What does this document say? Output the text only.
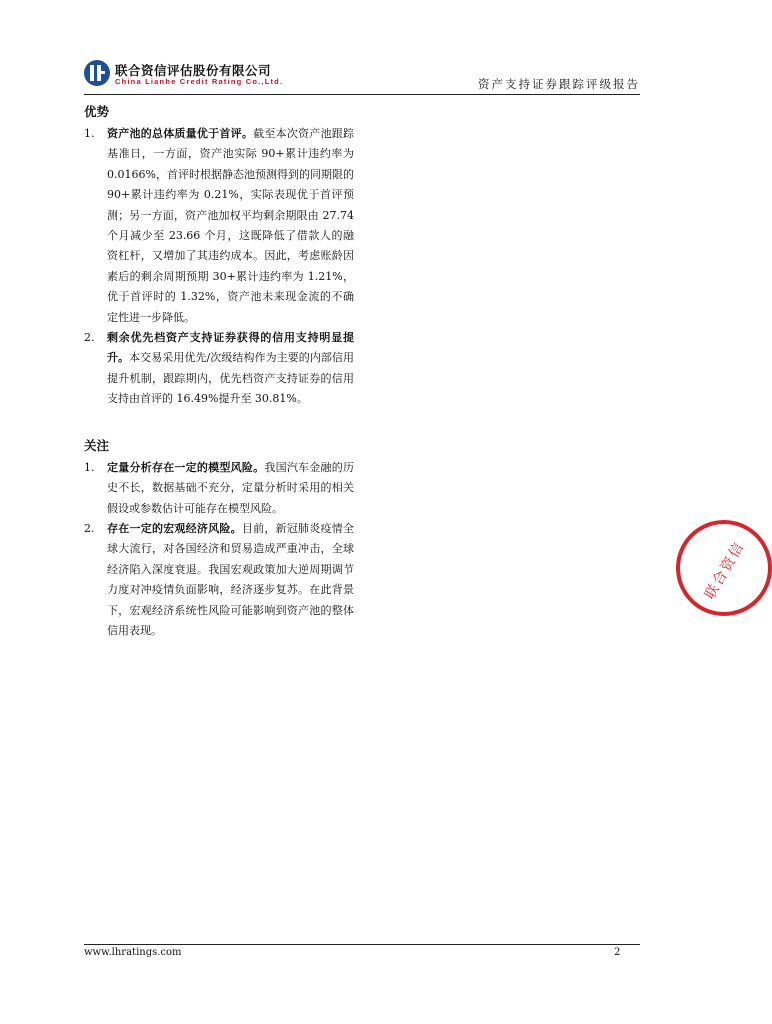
联合资信评估股份有限公司
China Lianhe Credit Rating Co.,Ltd.	资产支持证券跟踪评级报告
优势
1.	资产池的总体质量优于首评。截至本次资产池跟踪基准日，一方面，资产池实际 90+累计违约率为 0.0166%，首评时根据静态池预测得到的同期限的 90+累计违约率为 0.21%，实际表现优于首评预测；另一方面，资产池加权平均剩余期限由 27.74 个月减少至 23.66 个月，这既降低了借款人的融资杠杆，又增加了其违约成本。因此，考虑账龄因素后的剩余周期预期 30+累计违约率为 1.21%，优于首评时的 1.32%，资产池未来现金流的不确定性进一步降低。
2.	剩余优先档资产支持证券获得的信用支持明显提升。本交易采用优先/次级结构作为主要的内部信用提升机制，跟踪期内，优先档资产支持证券的信用支持由首评的 16.49%提升至 30.81%。
关注
1.	定量分析存在一定的模型风险。我国汽车金融的历史不长，数据基础不充分，定量分析时采用的相关假设或参数估计可能存在模型风险。
2.	存在一定的宏观经济风险。目前，新冠肺炎疫情全球大流行，对各国经济和贸易造成严重冲击，全球经济陷入深度衰退。我国宏观政策加大逆周期调节力度对冲疫情负面影响，经济逐步复苏。在此背景下，宏观经济系统性风险可能影响到资产池的整体信用表现。
联合资信
www.lhratings.com	2
